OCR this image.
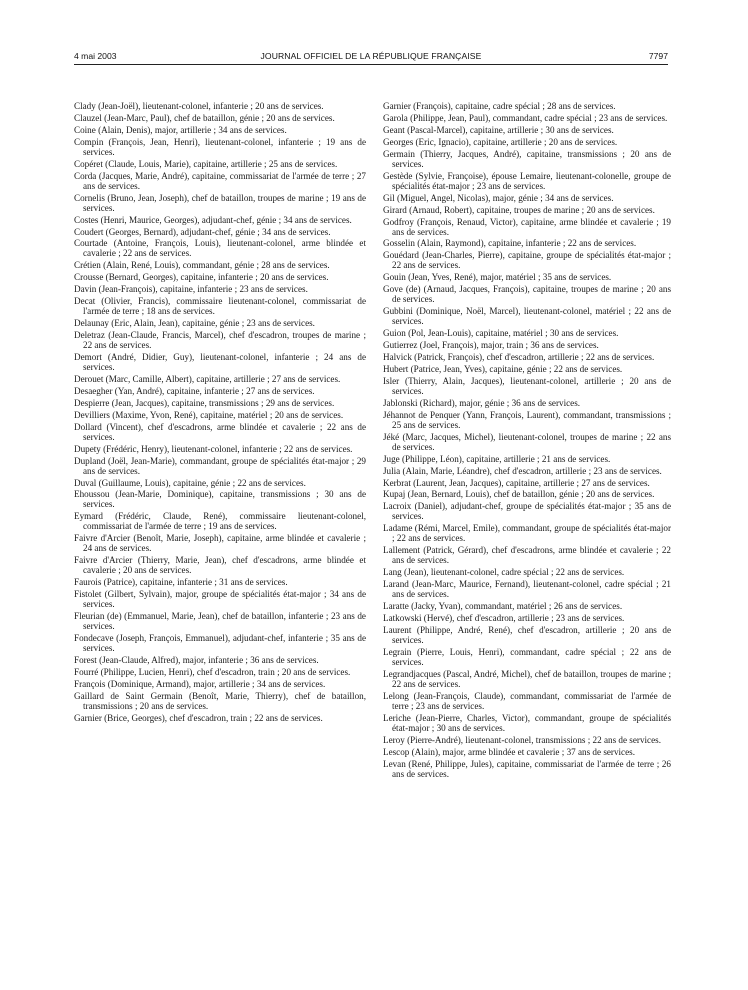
4 mai 2003	JOURNAL OFFICIEL DE LA RÉPUBLIQUE FRANÇAISE	7797

Clady (Jean-Joël), lieutenant-colonel, infanterie ; 20 ans de services.

Clauzel (Jean-Marc, Paul), chef de bataillon, génie ; 20 ans de services.

Coine (Alain, Denis), major, artillerie ; 34 ans de services.

Compin (François, Jean, Henri), lieutenant-colonel, infanterie ; 19 ans de services.

Copéret (Claude, Louis, Marie), capitaine, artillerie ; 25 ans de services.

Corda (Jacques, Marie, André), capitaine, commissariat de l'armée de terre ; 27 ans de services.

Cornelis (Bruno, Jean, Joseph), chef de bataillon, troupes de marine ; 19 ans de services.

Costes (Henri, Maurice, Georges), adjudant-chef, génie ; 34 ans de services.

Coudert (Georges, Bernard), adjudant-chef, génie ; 34 ans de services.

Courtade (Antoine, François, Louis), lieutenant-colonel, arme blindée et cavalerie ; 22 ans de services.

Crétien (Alain, René, Louis), commandant, génie ; 28 ans de services.

Crousse (Bernard, Georges), capitaine, infanterie ; 20 ans de services.

Davin (Jean-François), capitaine, infanterie ; 23 ans de services.

Decat (Olivier, Francis), commissaire lieutenant-colonel, commissariat de l'armée de terre ; 18 ans de services.

Delaunay (Eric, Alain, Jean), capitaine, génie ; 23 ans de services.

Deletraz (Jean-Claude, Francis, Marcel), chef d'escadron, troupes de marine ; 22 ans de services.

Demort (André, Didier, Guy), lieutenant-colonel, infanterie ; 24 ans de services.

Derouet (Marc, Camille, Albert), capitaine, artillerie ; 27 ans de services.

Desaegher (Yan, André), capitaine, infanterie ; 27 ans de services.

Despierre (Jean, Jacques), capitaine, transmissions ; 29 ans de services.

Devilliers (Maxime, Yvon, René), capitaine, matériel ; 20 ans de services.

Dollard (Vincent), chef d'escadrons, arme blindée et cavalerie ; 22 ans de services.

Dupety (Frédéric, Henry), lieutenant-colonel, infanterie ; 22 ans de services.

Dupland (Joël, Jean-Marie), commandant, groupe de spécialités état-major ; 29 ans de services.

Duval (Guillaume, Louis), capitaine, génie ; 22 ans de services.

Ehoussou (Jean-Marie, Dominique), capitaine, transmissions ; 30 ans de services.

Eymard (Frédéric, Claude, René), commissaire lieutenant-colonel, commissariat de l'armée de terre ; 19 ans de services.

Faivre d'Arcier (Benoît, Marie, Joseph), capitaine, arme blindée et cavalerie ; 24 ans de services.

Faivre d'Arcier (Thierry, Marie, Jean), chef d'escadrons, arme blindée et cavalerie ; 20 ans de services.

Faurois (Patrice), capitaine, infanterie ; 31 ans de services.

Fistolet (Gilbert, Sylvain), major, groupe de spécialités état-major ; 34 ans de services.

Fleurian (de) (Emmanuel, Marie, Jean), chef de bataillon, infanterie ; 23 ans de services.

Fondecave (Joseph, François, Emmanuel), adjudant-chef, infanterie ; 35 ans de services.

Forest (Jean-Claude, Alfred), major, infanterie ; 36 ans de services.

Fourré (Philippe, Lucien, Henri), chef d'escadron, train ; 20 ans de services.

François (Dominique, Armand), major, artillerie ; 34 ans de services.

Gaillard de Saint Germain (Benoît, Marie, Thierry), chef de bataillon, transmissions ; 20 ans de services.

Garnier (Brice, Georges), chef d'escadron, train ; 22 ans de services.

Garnier (François), capitaine, cadre spécial ; 28 ans de services.

Garola (Philippe, Jean, Paul), commandant, cadre spécial ; 23 ans de services.

Geant (Pascal-Marcel), capitaine, artillerie ; 30 ans de services.

Georges (Eric, Ignacio), capitaine, artillerie ; 20 ans de services.

Germain (Thierry, Jacques, André), capitaine, transmissions ; 20 ans de services.

Gestède (Sylvie, Françoise), épouse Lemaire, lieutenant-colonelle, groupe de spécialités état-major ; 23 ans de services.

Gil (Miguel, Angel, Nicolas), major, génie ; 34 ans de services.

Girard (Arnaud, Robert), capitaine, troupes de marine ; 20 ans de services.

Godfroy (François, Renaud, Victor), capitaine, arme blindée et cavalerie ; 19 ans de services.

Gosselin (Alain, Raymond), capitaine, infanterie ; 22 ans de services.

Gouédard (Jean-Charles, Pierre), capitaine, groupe de spécialités état-major ; 22 ans de services.

Gouin (Jean, Yves, René), major, matériel ; 35 ans de services.

Gove (de) (Arnaud, Jacques, François), capitaine, troupes de marine ; 20 ans de services.

Gubbini (Dominique, Noël, Marcel), lieutenant-colonel, matériel ; 22 ans de services.

Guion (Pol, Jean-Louis), capitaine, matériel ; 30 ans de services.

Gutierrez (Joel, François), major, train ; 36 ans de services.

Halvick (Patrick, François), chef d'escadron, artillerie ; 22 ans de services.

Hubert (Patrice, Jean, Yves), capitaine, génie ; 22 ans de services.

Isler (Thierry, Alain, Jacques), lieutenant-colonel, artillerie ; 20 ans de services.

Jablonski (Richard), major, génie ; 36 ans de services.

Jéhannot de Penquer (Yann, François, Laurent), commandant, transmissions ; 25 ans de services.

Jéké (Marc, Jacques, Michel), lieutenant-colonel, troupes de marine ; 22 ans de services.

Juge (Philippe, Léon), capitaine, artillerie ; 21 ans de services.

Julia (Alain, Marie, Léandre), chef d'escadron, artillerie ; 23 ans de services.

Kerbrat (Laurent, Jean, Jacques), capitaine, artillerie ; 27 ans de services.

Kupaj (Jean, Bernard, Louis), chef de bataillon, génie ; 20 ans de services.

Lacroix (Daniel), adjudant-chef, groupe de spécialités état-major ; 35 ans de services.

Ladame (Rémi, Marcel, Emile), commandant, groupe de spécialités état-major ; 22 ans de services.

Lallement (Patrick, Gérard), chef d'escadrons, arme blindée et cavalerie ; 22 ans de services.

Lang (Jean), lieutenant-colonel, cadre spécial ; 22 ans de services.

Larand (Jean-Marc, Maurice, Fernand), lieutenant-colonel, cadre spécial ; 21 ans de services.

Laratte (Jacky, Yvan), commandant, matériel ; 26 ans de services.

Latkowski (Hervé), chef d'escadron, artillerie ; 23 ans de services.

Laurent (Philippe, André, René), chef d'escadron, artillerie ; 20 ans de services.

Legrain (Pierre, Louis, Henri), commandant, cadre spécial ; 22 ans de services.

Legrandjacques (Pascal, André, Michel), chef de bataillon, troupes de marine ; 22 ans de services.

Lelong (Jean-François, Claude), commandant, commissariat de l'armée de terre ; 23 ans de services.

Leriche (Jean-Pierre, Charles, Victor), commandant, groupe de spécialités état-major ; 30 ans de services.

Leroy (Pierre-André), lieutenant-colonel, transmissions ; 22 ans de services.

Lescop (Alain), major, arme blindée et cavalerie ; 37 ans de services.

Levan (René, Philippe, Jules), capitaine, commissariat de l'armée de terre ; 26 ans de services.
